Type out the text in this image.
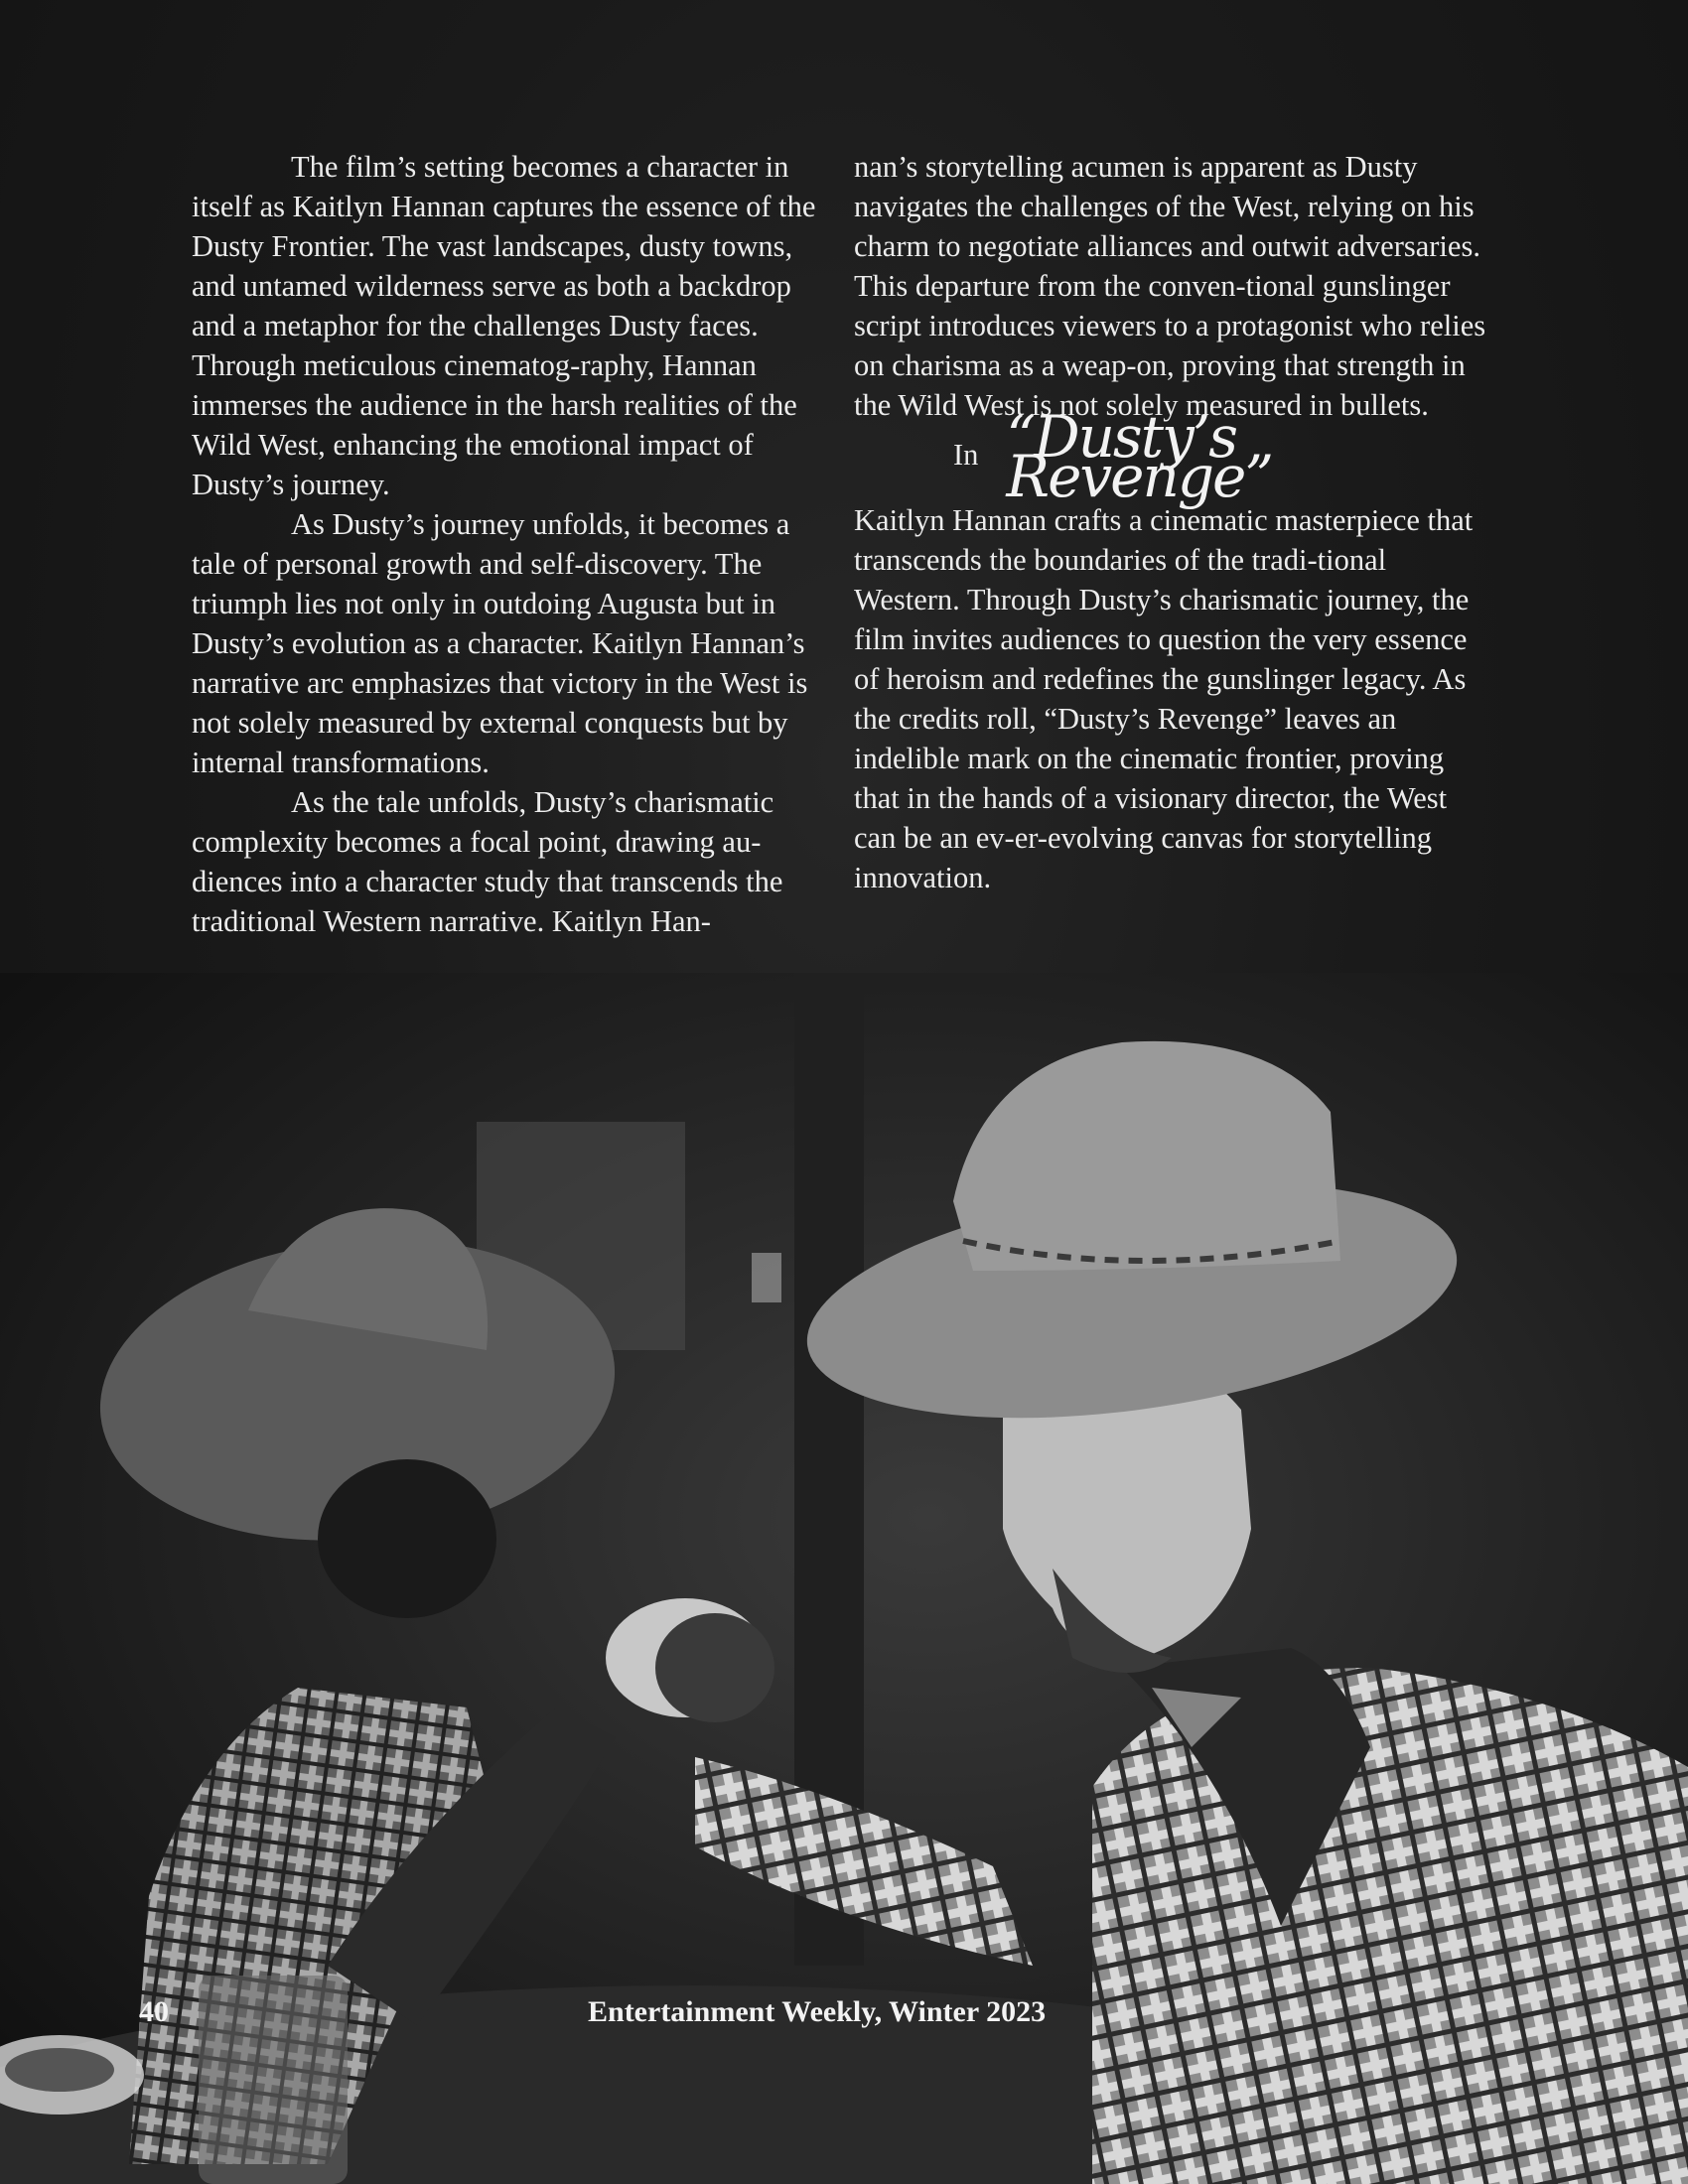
The film’s setting becomes a character in itself as Kaitlyn Hannan captures the essence of the Dusty Frontier. The vast landscapes, dusty towns, and untamed wilderness serve as both a backdrop and a metaphor for the challenges Dusty faces. Through meticulous cinematog-raphy, Hannan immerses the audience in the harsh realities of the Wild West, enhancing the emotional impact of Dusty’s journey.

As Dusty’s journey unfolds, it becomes a tale of personal growth and self-discovery. The triumph lies not only in outdoing Augusta but in Dusty’s evolution as a character. Kaitlyn Hannan’s narrative arc emphasizes that victory in the West is not solely measured by external conquests but by internal transformations.

As the tale unfolds, Dusty’s charismatic complexity becomes a focal point, drawing au-diences into a character study that transcends the traditional Western narrative. Kaitlyn Han-

nan’s storytelling acumen is apparent as Dusty navigates the challenges of the West, relying on his charm to negotiate alliances and outwit adversaries. This departure from the conven-tional gunslinger script introduces viewers to a protagonist who relies on charisma as a weap-on, proving that strength in the Wild West is not solely measured in bullets.

In “Dusty’s Revenge”

Kaitlyn Hannan crafts a cinematic masterpiece that transcends the boundaries of the tradi-tional Western. Through Dusty’s charismatic journey, the film invites audiences to question the very essence of heroism and redefines the gunslinger legacy. As the credits roll, “Dusty’s Revenge” leaves an indelible mark on the cinematic frontier, proving that in the hands of a visionary director, the West can be an ev-er-evolving canvas for storytelling innovation.

40	Entertainment Weekly, Winter 2023
